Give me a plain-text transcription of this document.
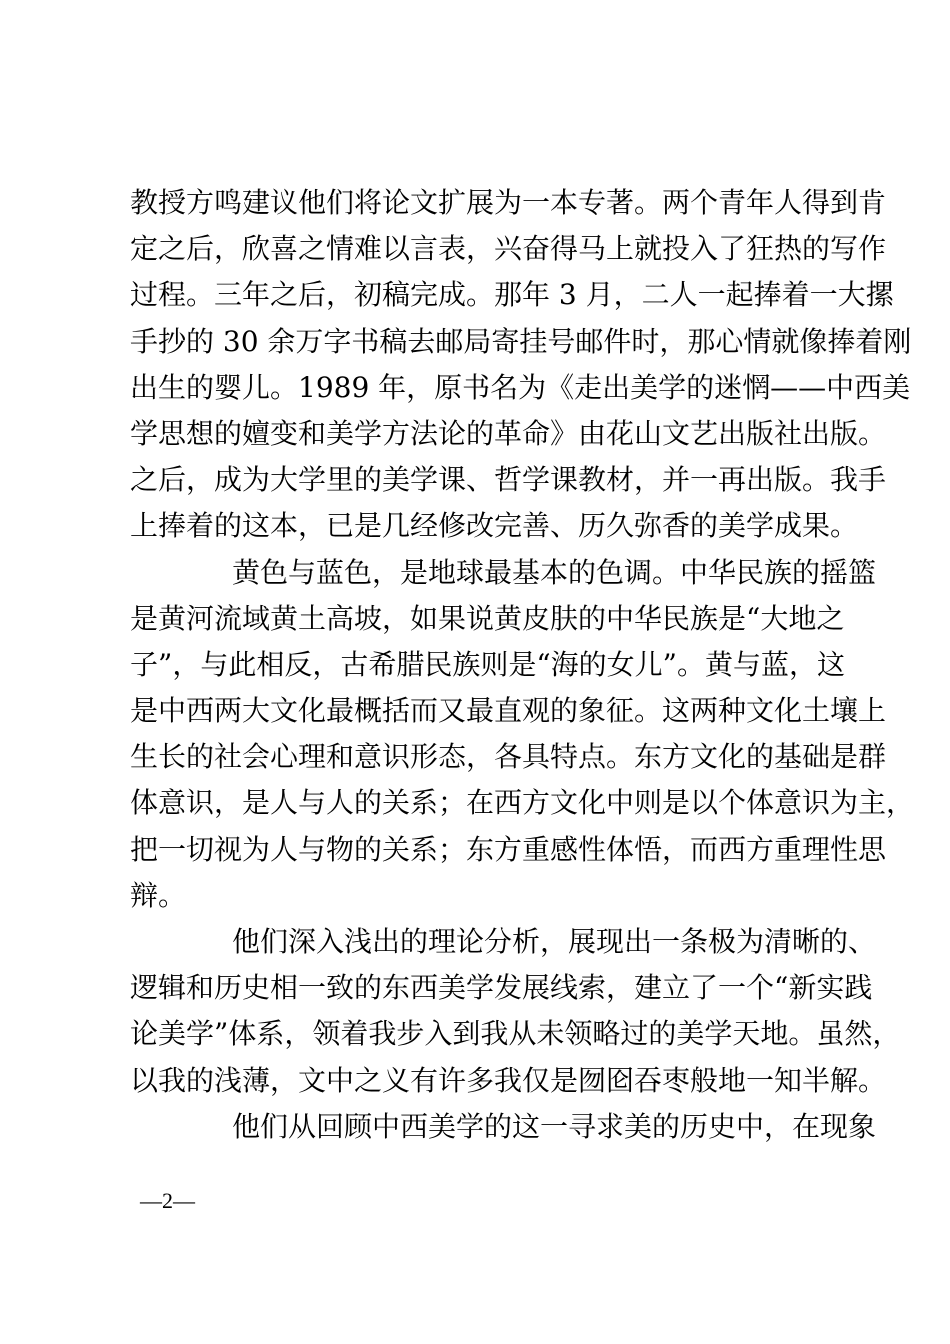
教授方鸣建议他们将论文扩展为一本专著。两个青年人得到肯
定之后，欣喜之情难以言表，兴奋得马上就投入了狂热的写作
过程。三年之后，初稿完成。那年 3 月，二人一起捧着一大摞
手抄的 30 余万字书稿去邮局寄挂号邮件时，那心情就像捧着刚
出生的婴儿。1989 年，原书名为《走出美学的迷惘——中西美
学思想的嬗变和美学方法论的革命》由花山文艺出版社出版。
之后，成为大学里的美学课、哲学课教材，并一再出版。我手
上捧着的这本，已是几经修改完善、历久弥香的美学成果。
黄色与蓝色，是地球最基本的色调。中华民族的摇篮
是黄河流域黄土高坡，如果说黄皮肤的中华民族是“大地之
子”，与此相反，古希腊民族则是“海的女儿”。黄与蓝，这
是中西两大文化最概括而又最直观的象征。这两种文化土壤上
生长的社会心理和意识形态，各具特点。东方文化的基础是群
体意识，是人与人的关系；在西方文化中则是以个体意识为主，
把一切视为人与物的关系；东方重感性体悟，而西方重理性思
辩。
他们深入浅出的理论分析，展现出一条极为清晰的、
逻辑和历史相一致的东西美学发展线索，建立了一个“新实践
论美学”体系，领着我步入到我从未领略过的美学天地。虽然，
以我的浅薄，文中之义有许多我仅是囫囵吞枣般地一知半解。
他们从回顾中西美学的这一寻求美的历史中，在现象
—2—
